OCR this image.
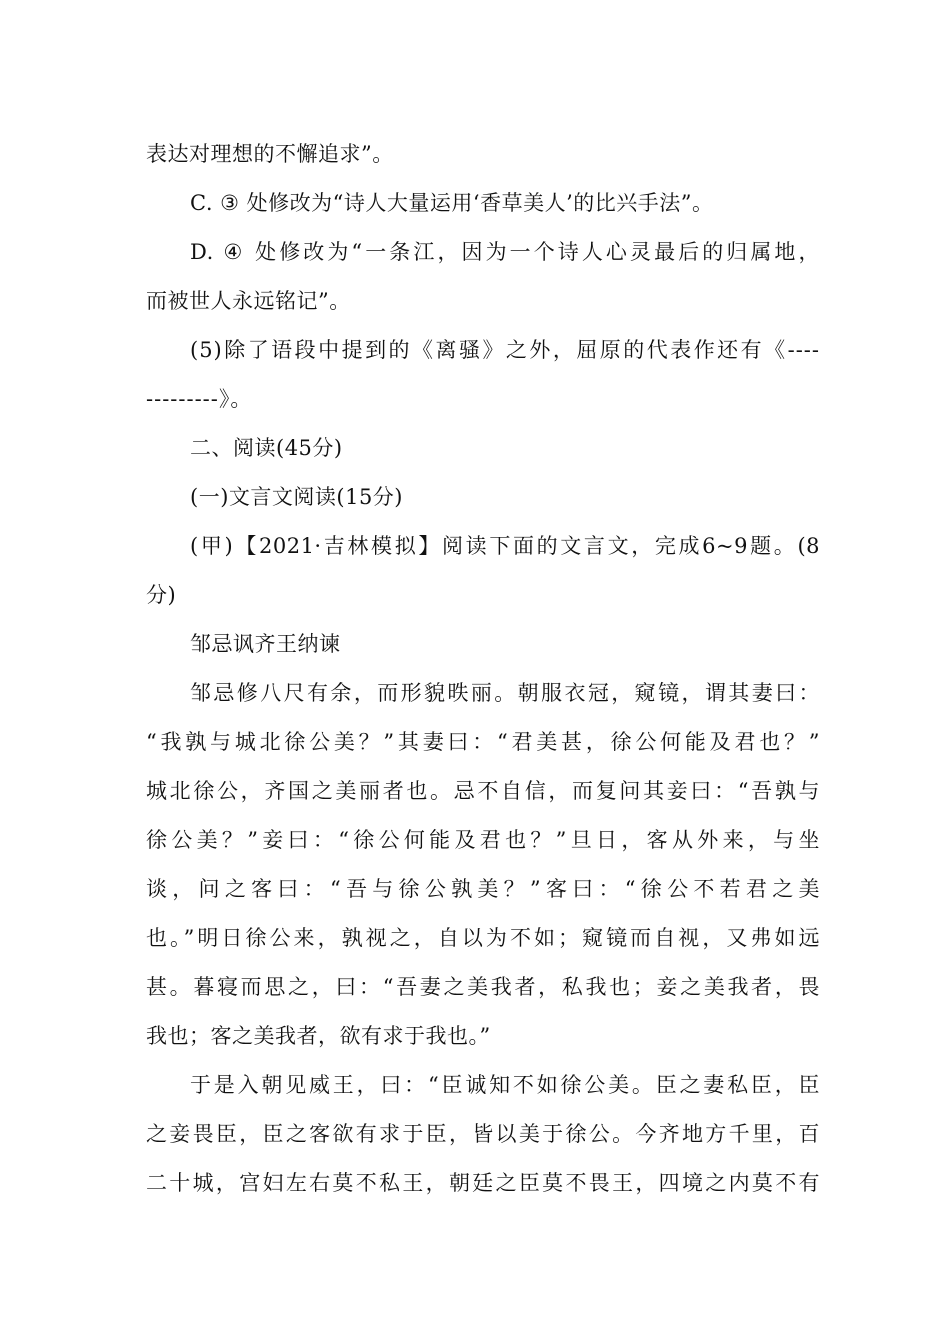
表达对理想的不懈追求”。
C. ③ 处修改为“诗人大量运用‘香草美人’的比兴手法”。
D. ④ 处修改为“一条江，因为一个诗人心灵最后的归属地，
而被世人永远铭记”。
(5)除了语段中提到的《离骚》之外，屈原的代表作还有《----
---------》。
二、阅读(45分)
(一)文言文阅读(15分)
(甲)【2021·吉林模拟】阅读下面的文言文，完成6~9题。(8
分)
邹忌讽齐王纳谏
邹忌修八尺有余，而形貌昳丽。朝服衣冠，窥镜，谓其妻曰：
“我孰与城北徐公美？”其妻曰：“君美甚，徐公何能及君也？”
城北徐公，齐国之美丽者也。忌不自信，而复问其妾曰：“吾孰与
徐公美？”妾曰：“徐公何能及君也？”旦日，客从外来，与坐
谈，问之客曰：“吾与徐公孰美？”客曰：“徐公不若君之美
也。”明日徐公来，孰视之，自以为不如；窥镜而自视，又弗如远
甚。暮寝而思之，曰：“吾妻之美我者，私我也；妾之美我者，畏
我也；客之美我者，欲有求于我也。”
于是入朝见威王，曰：“臣诚知不如徐公美。臣之妻私臣，臣
之妾畏臣，臣之客欲有求于臣，皆以美于徐公。今齐地方千里，百
二十城，宫妇左右莫不私王，朝廷之臣莫不畏王，四境之内莫不有
